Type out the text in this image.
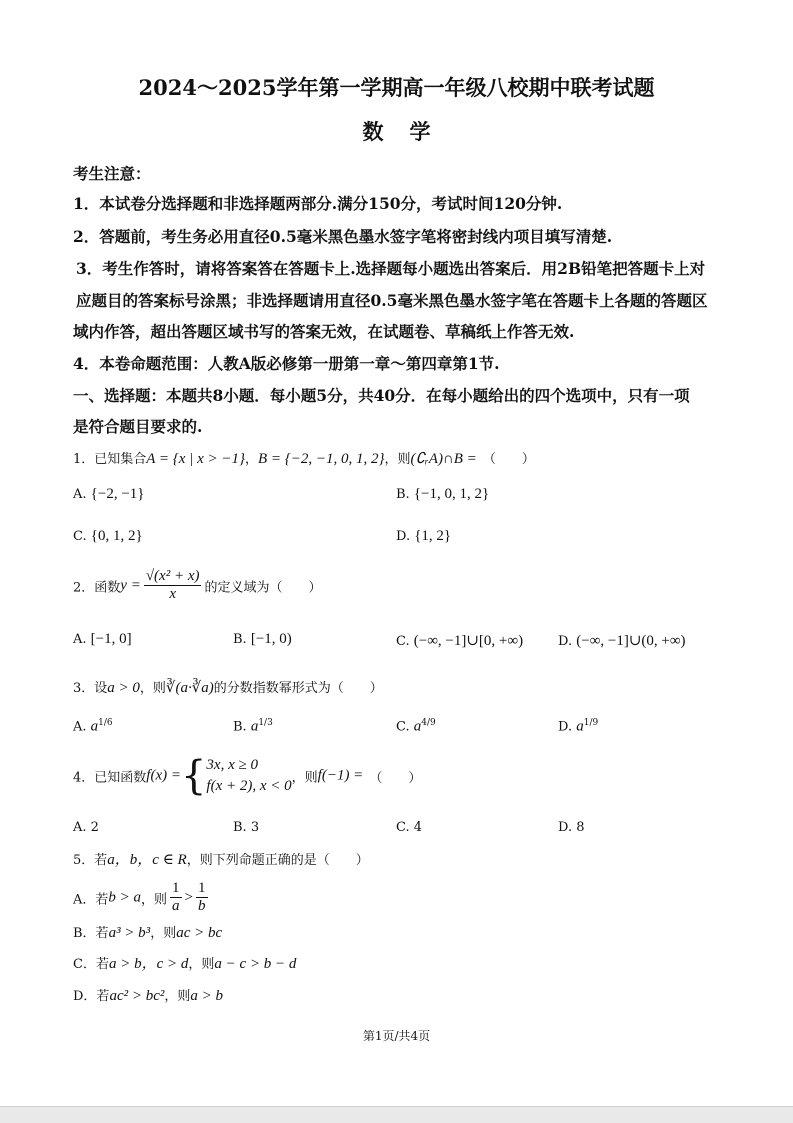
2024～2025学年第一学期高一年级八校期中联考试题
数学
考生注意：
1．本试卷分选择题和非选择题两部分.满分150分，考试时间120分钟.
2．答题前，考生务必用直径0.5毫米黑色墨水签字笔将密封线内项目填写清楚.
3．考生作答时，请将答案答在答题卡上.选择题每小题选出答案后．用2B铅笔把答题卡上对
应题目的答案标号涂黑；非选择题请用直径0.5毫米黑色墨水签字笔在答题卡上各题的答题区
域内作答，超出答题区域书写的答案无效，在试题卷、草稿纸上作答无效.
4．本卷命题范围：人教A版必修第一册第一章～第四章第1节.
一、选择题：本题共8小题．每小题5分，共40分．在每小题给出的四个选项中，只有一项
是符合题目要求的.
1．已知集合A = {x | x > −1}，B = {−2, −1, 0, 1, 2}，则(∁ᵣA)∩B = （　　）
A. {−2, −1}	B. {−1, 0, 1, 2}
C. {0, 1, 2}	D. {1, 2}
2．函数$y = \frac{\text{√(x² + x)}}{x}$ 的定义域为（　　）
A. [−1, 0]	B. [−1, 0)	C. (−∞, −1]∪[0, +∞)	D. (−∞, −1]∪(0, +∞)
3．设a > 0，则∛(a·∛a)的分数指数幂形式为（　　）
A. $a^{1/6}$	B. $a^{1/3}$	C. $a^{4/9}$	D. $a^{1/9}$
4．已知函数f(x) = { 3x, x ≥ 0
f(x + 2), x < 0 ，则f(−1) = （　　）
A. 2	B. 3	C. 4	D. 8
5．若a，b，c ∈ R，则下列命题正确的是（　　）
A．若b > a，则 $\frac{1}{a} > \frac{1}{b}$
B．若a³ > b³，则ac > bc
C．若a > b，c > d，则a − c > b − d
D．若ac² > bc²，则a > b
第1页/共4页
